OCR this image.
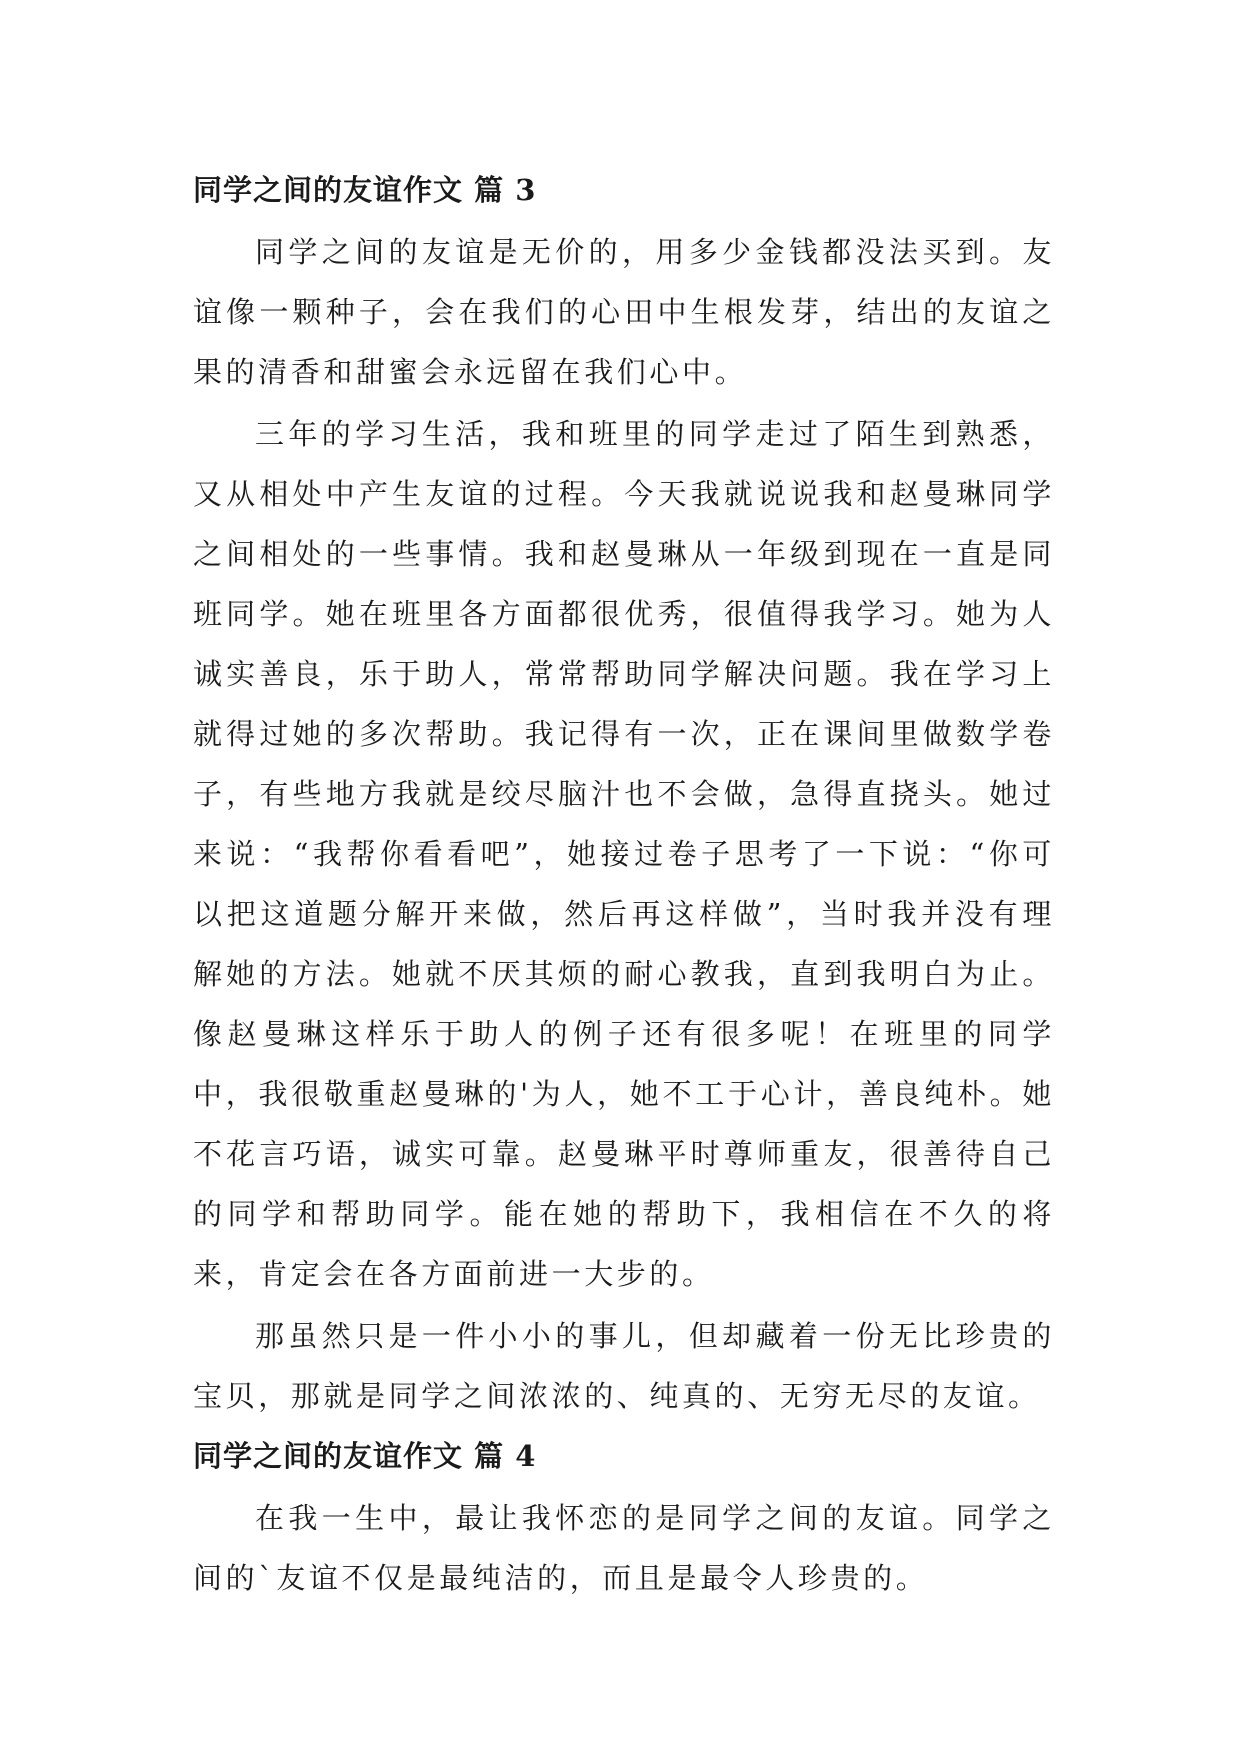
同学之间的友谊作文 篇 3

同学之间的友谊是无价的，用多少金钱都没法买到。友谊像一颗种子，会在我们的心田中生根发芽，结出的友谊之果的清香和甜蜜会永远留在我们心中。

三年的学习生活，我和班里的同学走过了陌生到熟悉，又从相处中产生友谊的过程。今天我就说说我和赵曼琳同学之间相处的一些事情。我和赵曼琳从一年级到现在一直是同班同学。她在班里各方面都很优秀，很值得我学习。她为人诚实善良，乐于助人，常常帮助同学解决问题。我在学习上就得过她的多次帮助。我记得有一次，正在课间里做数学卷子，有些地方我就是绞尽脑汁也不会做，急得直挠头。她过来说：“我帮你看看吧”，她接过卷子思考了一下说：“你可以把这道题分解开来做，然后再这样做”，当时我并没有理解她的方法。她就不厌其烦的耐心教我，直到我明白为止。像赵曼琳这样乐于助人的例子还有很多呢！在班里的同学中，我很敬重赵曼琳的'为人，她不工于心计，善良纯朴。她不花言巧语，诚实可靠。赵曼琳平时尊师重友，很善待自己的同学和帮助同学。能在她的帮助下，我相信在不久的将来，肯定会在各方面前进一大步的。

那虽然只是一件小小的事儿，但却藏着一份无比珍贵的宝贝，那就是同学之间浓浓的、纯真的、无穷无尽的友谊。

同学之间的友谊作文 篇 4

在我一生中，最让我怀恋的是同学之间的友谊。同学之间的`友谊不仅是最纯洁的，而且是最令人珍贵的。
